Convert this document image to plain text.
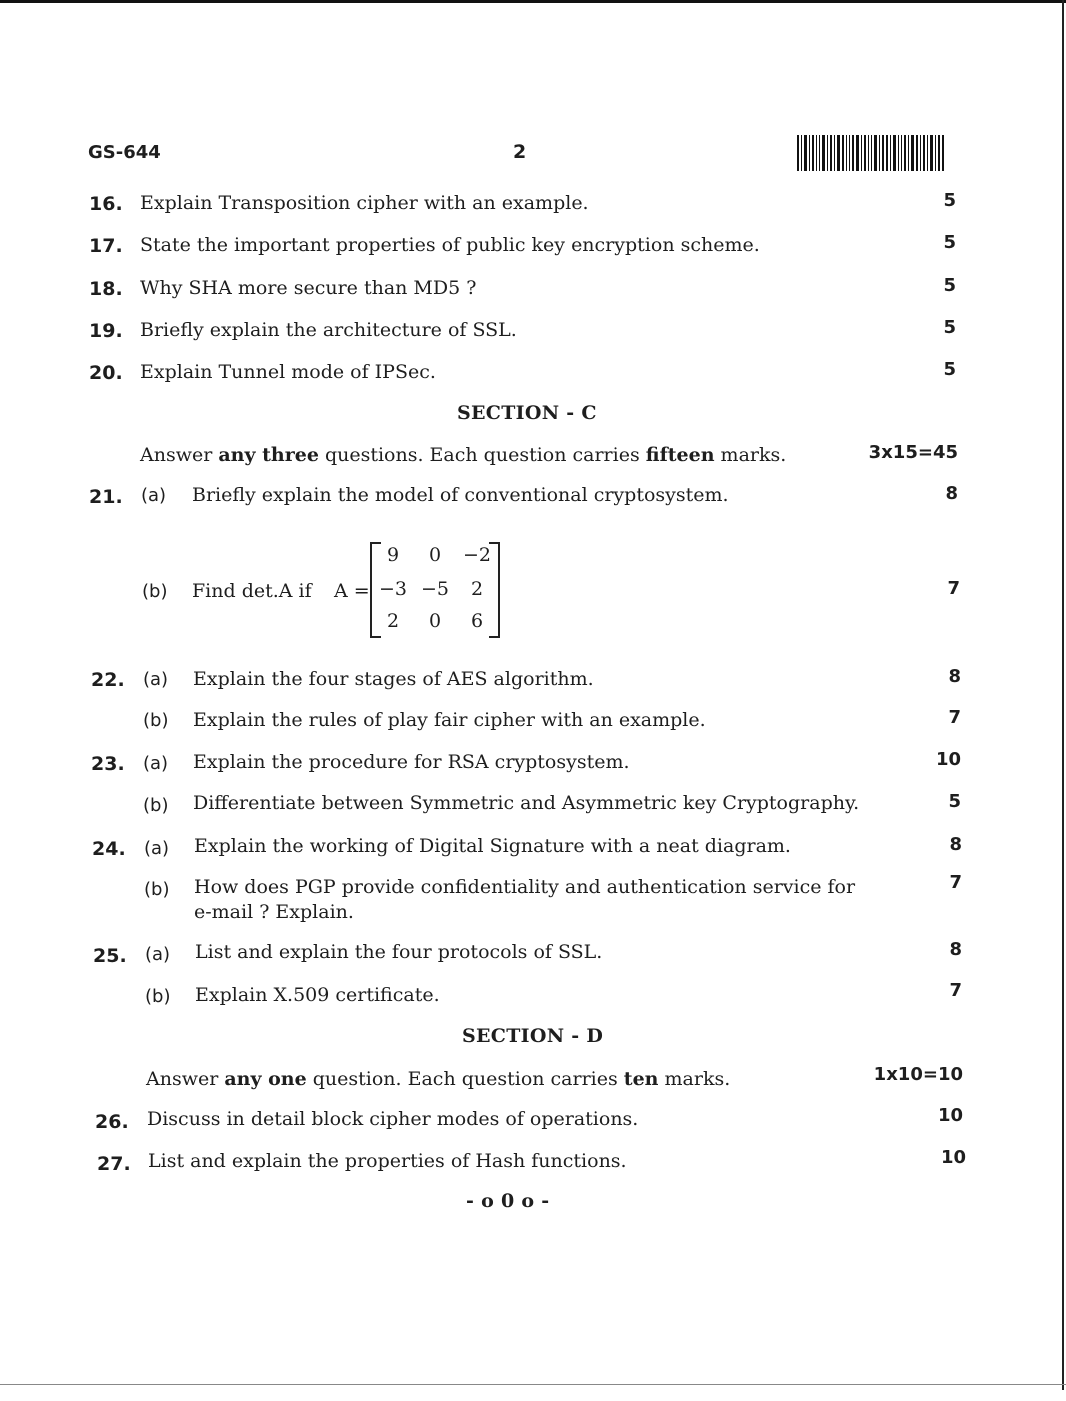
GS-644	2
16. Explain Transposition cipher with an example.	5
17. State the important properties of public key encryption scheme.	5
18. Why SHA more secure than MD5 ?	5
19. Briefly explain the architecture of SSL.	5
20. Explain Tunnel mode of IPSec.	5
SECTION - C
Answer any three questions. Each question carries fifteen marks.	3x15=45
21. (a) Briefly explain the model of conventional cryptosystem.	8
(b) Find det.A if A =
9	0	−2
−3 −5	2
2	0	6
7
22. (a) Explain the four stages of AES algorithm.	8
(b) Explain the rules of play fair cipher with an example.	7
23. (a) Explain the procedure for RSA cryptosystem.	10
(b) Differentiate between Symmetric and Asymmetric key Cryptography.	5
24. (a) Explain the working of Digital Signature with a neat diagram.	8
(b) How does PGP provide confidentiality and authentication service for
e-mail ? Explain.
7
25. (a) List and explain the four protocols of SSL.	8
(b) Explain X.509 certificate.	7
SECTION - D
Answer any one question. Each question carries ten marks.	1x10=10
26. Discuss in detail block cipher modes of operations.	10
27. List and explain the properties of Hash functions.	10
- o 0 o -
